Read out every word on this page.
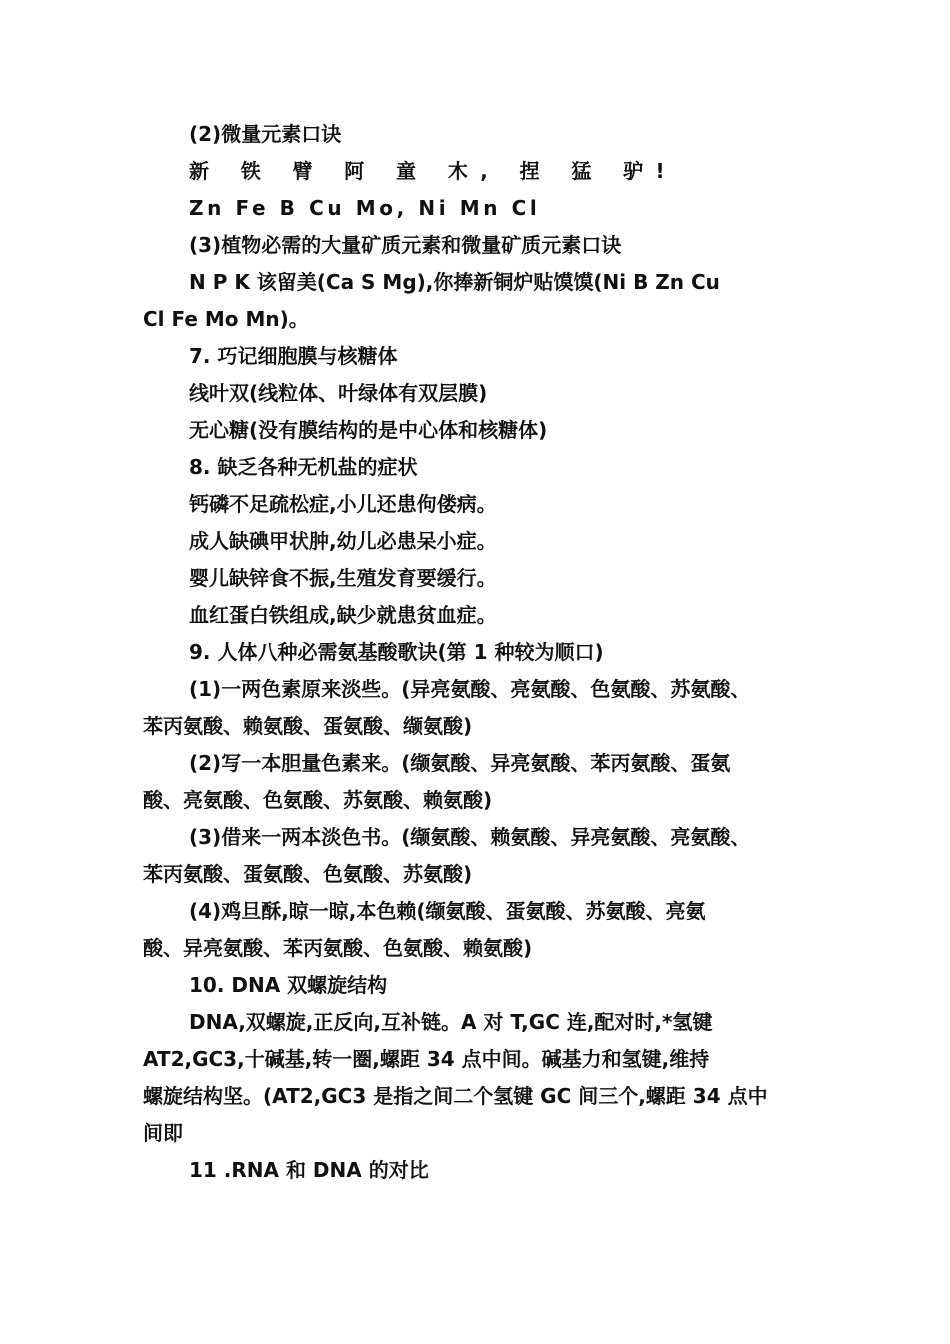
(2)微量元素口诀
新 铁 臂 阿 童 木, 捏 猛 驴!
Zn Fe B Cu Mo, Ni Mn Cl
(3)植物必需的大量矿质元素和微量矿质元素口诀
N P K 该留美(Ca S Mg),你捧新铜炉贴馍馍(Ni B Zn Cu
Cl Fe Mo Mn)。
7. 巧记细胞膜与核糖体
线叶双(线粒体、叶绿体有双层膜)
无心糖(没有膜结构的是中心体和核糖体)
8. 缺乏各种无机盐的症状
钙磷不足疏松症,小儿还患佝偻病。
成人缺碘甲状肿,幼儿必患呆小症。
婴儿缺锌食不振,生殖发育要缓行。
血红蛋白铁组成,缺少就患贫血症。
9. 人体八种必需氨基酸歌诀(第 1 种较为顺口)
(1)一两色素原来淡些。(异亮氨酸、亮氨酸、色氨酸、苏氨酸、
苯丙氨酸、赖氨酸、蛋氨酸、缬氨酸)
(2)写一本胆量色素来。(缬氨酸、异亮氨酸、苯丙氨酸、蛋氨
酸、亮氨酸、色氨酸、苏氨酸、赖氨酸)
(3)借来一两本淡色书。(缬氨酸、赖氨酸、异亮氨酸、亮氨酸、
苯丙氨酸、蛋氨酸、色氨酸、苏氨酸)
(4)鸡旦酥,晾一晾,本色赖(缬氨酸、蛋氨酸、苏氨酸、亮氨
酸、异亮氨酸、苯丙氨酸、色氨酸、赖氨酸)
10. DNA 双螺旋结构
DNA,双螺旋,正反向,互补链。A 对 T,GC 连,配对时,*氢键
AT2,GC3,十碱基,转一圈,螺距 34 点中间。碱基力和氢键,维持
螺旋结构坚。(AT2,GC3 是指之间二个氢键 GC 间三个,螺距 34 点中
间即
11 .RNA 和 DNA 的对比
